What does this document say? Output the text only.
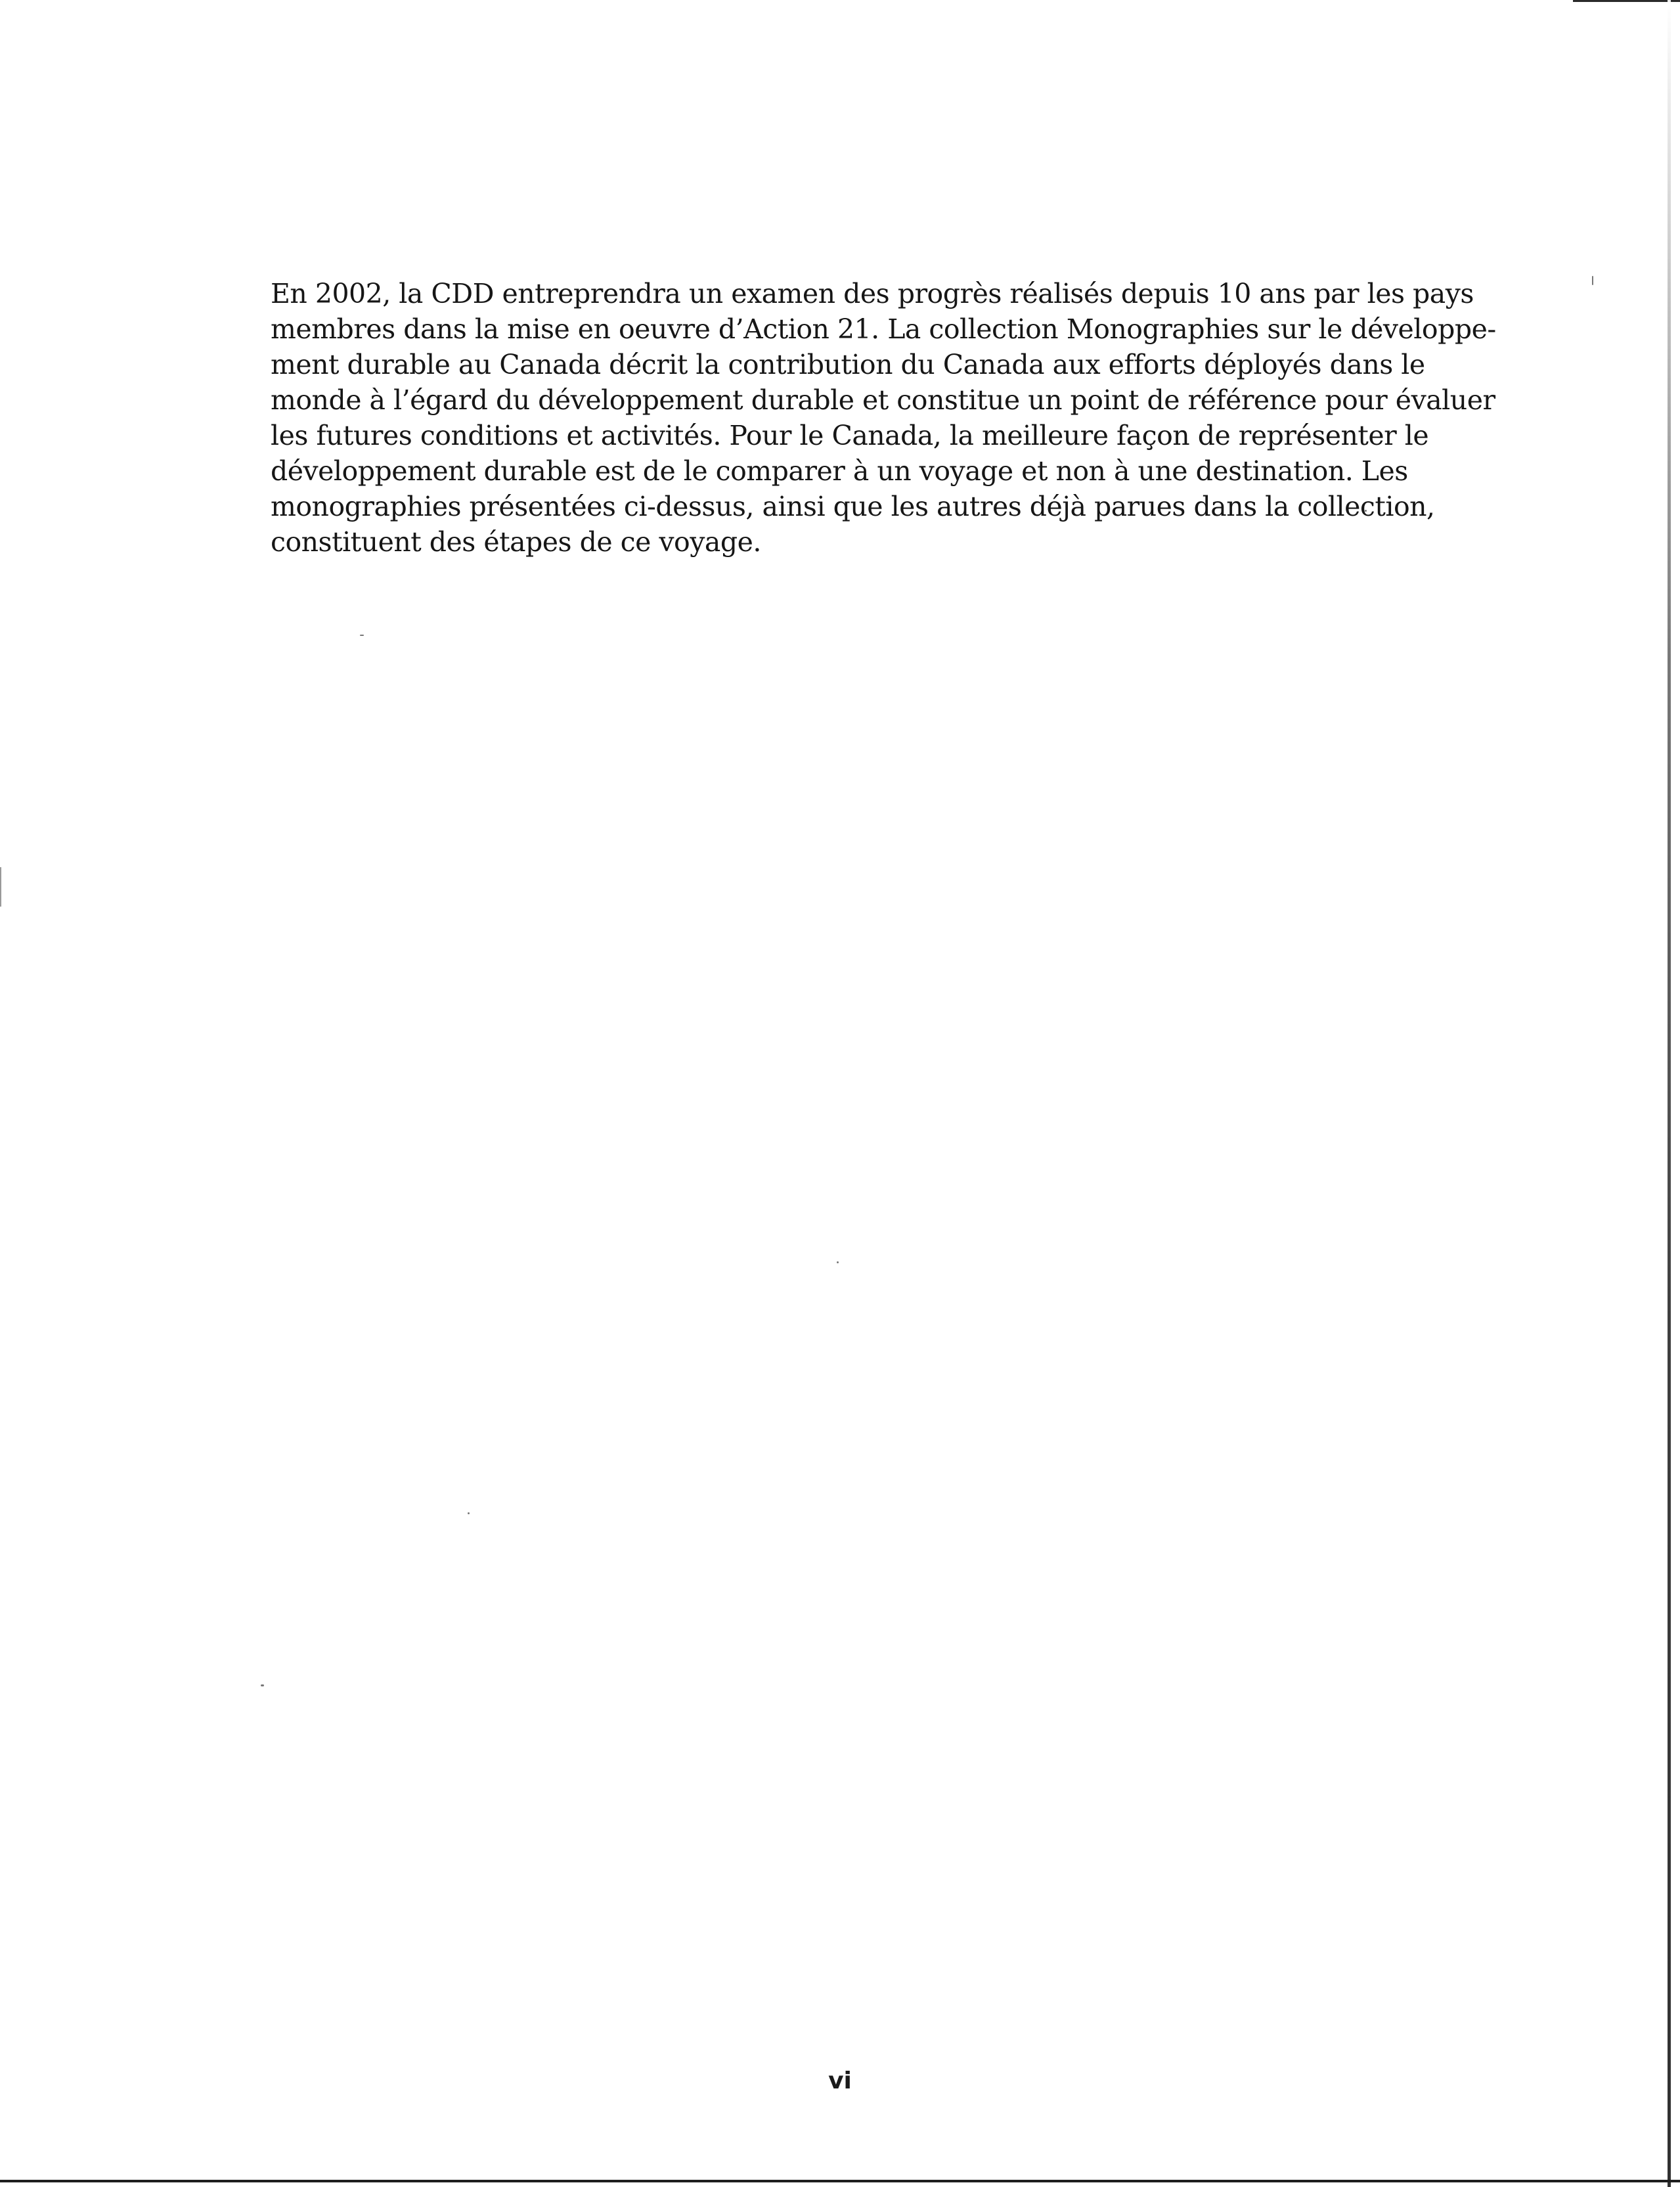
En 2002, la CDD entreprendra un examen des progrès réalisés depuis 10 ans par les pays
membres dans la mise en oeuvre d’Action 21. La collection Monographies sur le développe-
ment durable au Canada décrit la contribution du Canada aux efforts déployés dans le
monde à l’égard du développement durable et constitue un point de référence pour évaluer
les futures conditions et activités. Pour le Canada, la meilleure façon de représenter le
développement durable est de le comparer à un voyage et non à une destination. Les
monographies présentées ci-dessus, ainsi que les autres déjà parues dans la collection,
constituent des étapes de ce voyage.

vi
